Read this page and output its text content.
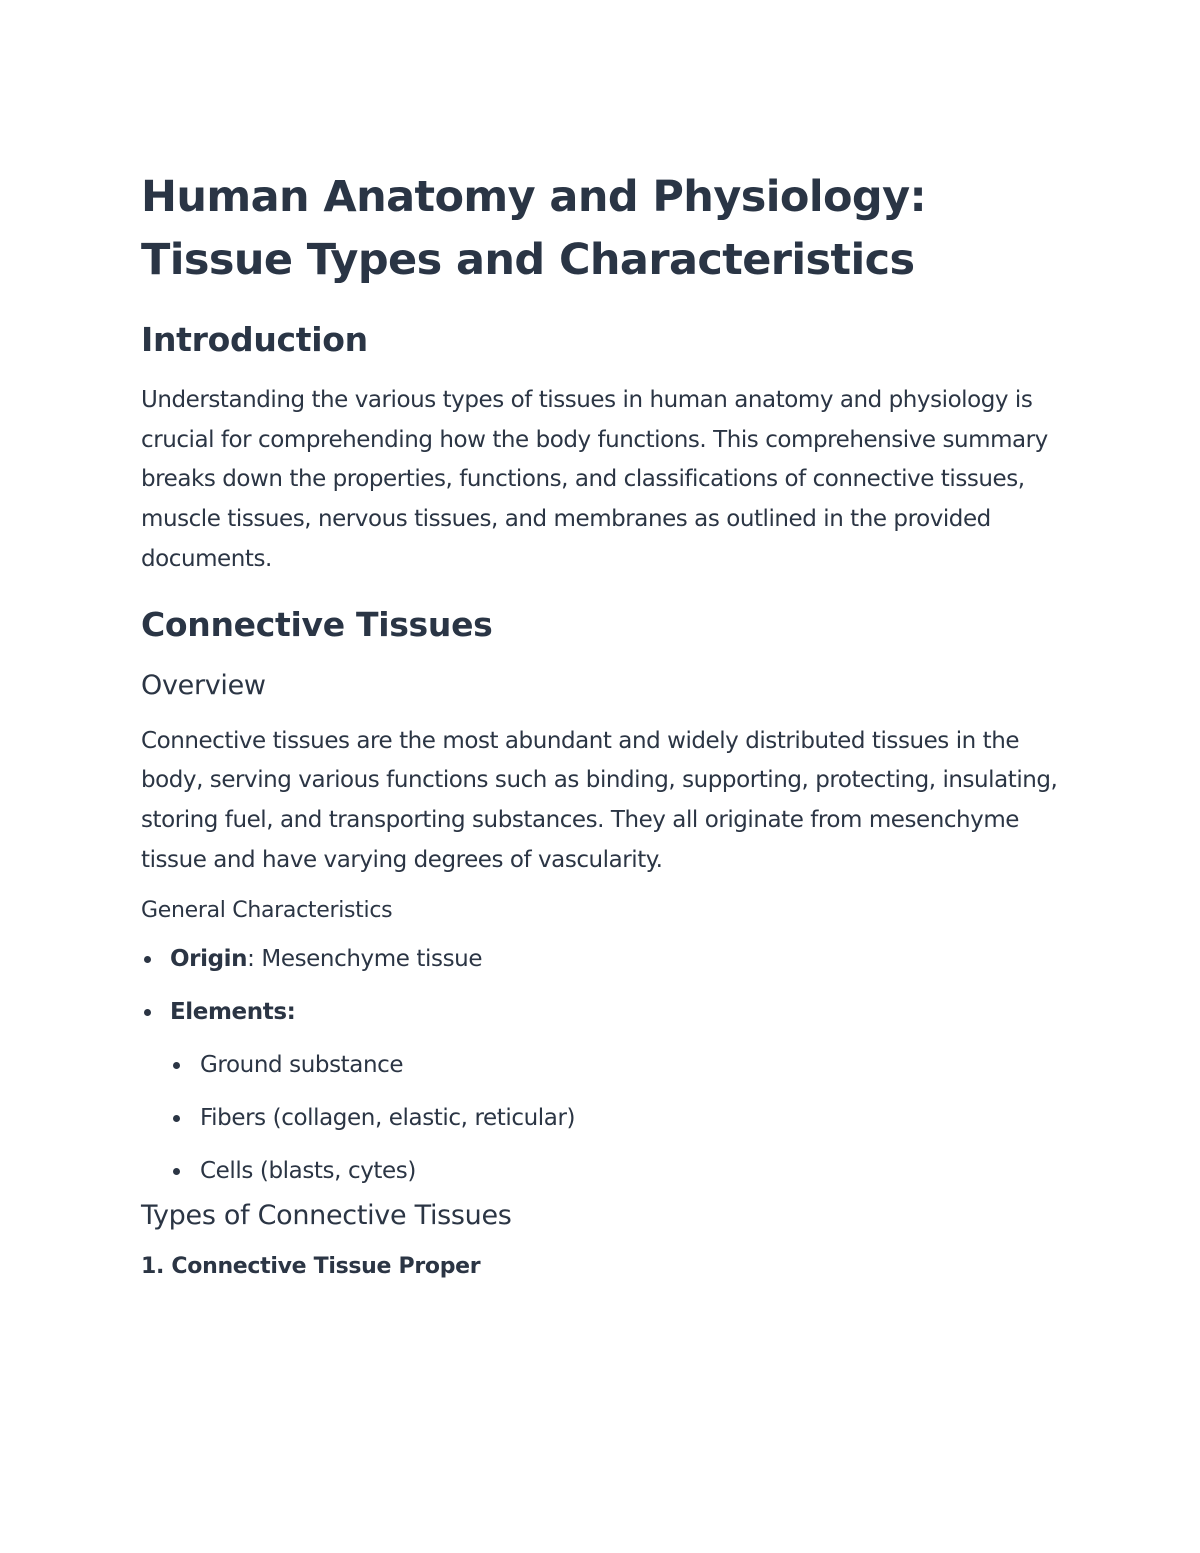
Human Anatomy and Physiology: Tissue Types and Characteristics
Introduction

Understanding the various types of tissues in human anatomy and physiology is crucial for comprehending how the body functions. This comprehensive summary breaks down the properties, functions, and classifications of connective tissues, muscle tissues, nervous tissues, and membranes as outlined in the provided documents.

Connective Tissues
Overview

Connective tissues are the most abundant and widely distributed tissues in the body, serving various functions such as binding, supporting, protecting, insulating, storing fuel, and transporting substances. They all originate from mesenchyme tissue and have varying degrees of vascularity.

General Characteristics
Origin: Mesenchyme tissue
Elements:
Ground substance
Fibers (collagen, elastic, reticular)
Cells (blasts, cytes)
Types of Connective Tissues
1. Connective Tissue Proper
